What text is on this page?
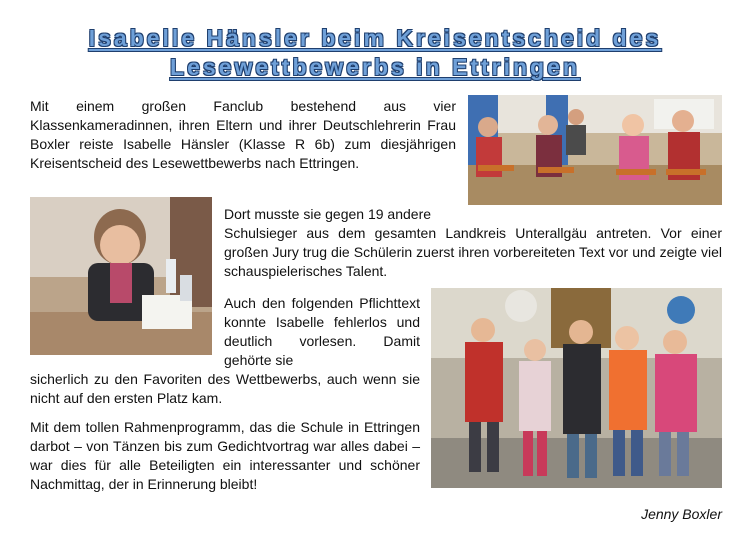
Isabelle Hänsler beim Kreisentscheid des
Lesewettbewerbs in Ettringen

Mit einem großen Fanclub bestehend aus vier Klassenkameradinnen, ihren Eltern und ihrer Deutschlehrerin Frau Boxler reiste Isabelle Hänsler (Klasse R 6b) zum diesjährigen Kreisentscheid des Lesewettbewerbs nach Ettringen.

Dort musste sie gegen 19 andere

Schulsieger aus dem gesamten Landkreis Unterallgäu antreten. Vor einer großen Jury trug die Schülerin zuerst ihren vorbereiteten Text vor und zeigte viel schauspielerisches Talent.

Auch den folgenden Pflichttext konnte Isabelle fehlerlos und deutlich vorlesen. Damit gehörte sie

sicherlich zu den Favoriten des Wettbewerbs, auch wenn sie nicht auf den ersten Platz kam.

Mit dem tollen Rahmenprogramm, das die Schule in Ettringen darbot – von Tänzen bis zum Gedichtvortrag war alles dabei – war dies für alle Beteiligten ein interessanter und schöner Nachmittag, der in Erinnerung bleibt!

Jenny Boxler
